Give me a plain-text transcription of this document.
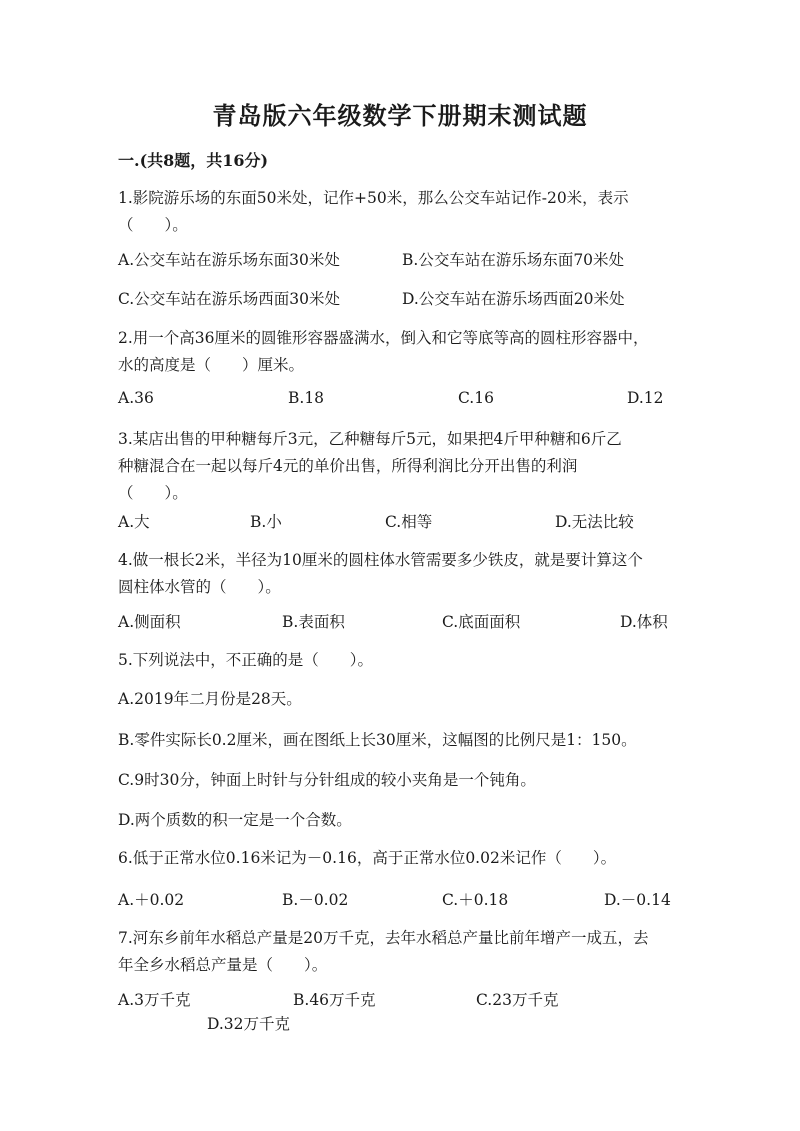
青岛版六年级数学下册期末测试题
一.(共8题，共16分)
1.影院游乐场的东面50米处，记作+50米，那么公交车站记作-20米，表示
（　　）。
A.公交车站在游乐场东面30米处	B.公交车站在游乐场东面70米处
C.公交车站在游乐场西面30米处	D.公交车站在游乐场西面20米处
2.用一个高36厘米的圆锥形容器盛满水，倒入和它等底等高的圆柱形容器中，
水的高度是（　　）厘米。
A.36	B.18	C.16	D.12
3.某店出售的甲种糖每斤3元，乙种糖每斤5元，如果把4斤甲种糖和6斤乙
种糖混合在一起以每斤4元的单价出售，所得利润比分开出售的利润
（　　）。
A.大	B.小	C.相等	D.无法比较
4.做一根长2米，半径为10厘米的圆柱体水管需要多少铁皮，就是要计算这个
圆柱体水管的（　　）。
A.侧面积	B.表面积	C.底面面积	D.体积
5.下列说法中，不正确的是（　　）。
A.2019年二月份是28天。
B.零件实际长0.2厘米，画在图纸上长30厘米，这幅图的比例尺是1：150。
C.9时30分，钟面上时针与分针组成的较小夹角是一个钝角。
D.两个质数的积一定是一个合数。
6.低于正常水位0.16米记为－0.16，高于正常水位0.02米记作（　　）。
A.＋0.02	B.－0.02	C.＋0.18	D.－0.14
7.河东乡前年水稻总产量是20万千克，去年水稻总产量比前年增产一成五，去
年全乡水稻总产量是（　　）。
A.3万千克	B.46万千克	C.23万千克
D.32万千克
